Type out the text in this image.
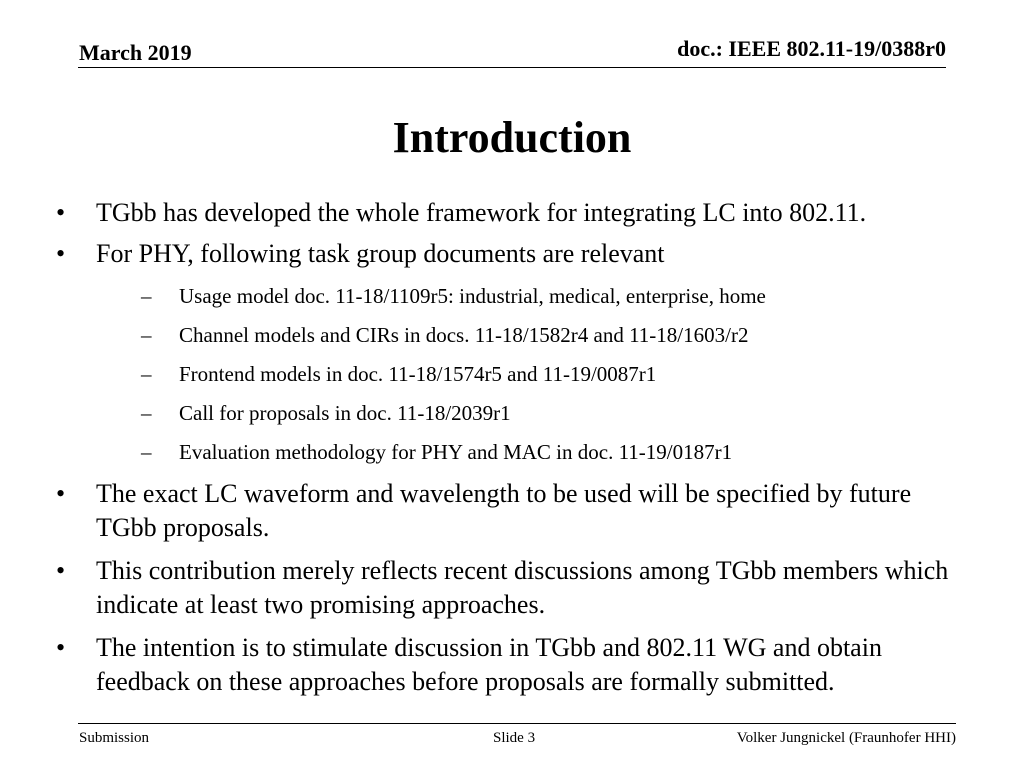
March 2019	doc.: IEEE 802.11-19/0388r0
Introduction
• TGbb has developed the whole framework for integrating LC into 802.11.
• For PHY, following task group documents are relevant
– Usage model doc. 11-18/1109r5: industrial, medical, enterprise, home
– Channel models and CIRs in docs. 11-18/1582r4 and 11-18/1603/r2
– Frontend models in doc. 11-18/1574r5 and 11-19/0087r1
– Call for proposals in doc. 11-18/2039r1
– Evaluation methodology for PHY and MAC in doc. 11-19/0187r1
• The exact LC waveform and wavelength to be used will be specified by future TGbb proposals.
• This contribution merely reflects recent discussions among TGbb members which indicate at least two promising approaches.
• The intention is to stimulate discussion in TGbb and 802.11 WG and obtain feedback on these approaches before proposals are formally submitted.
Submission	Slide 3	Volker Jungnickel (Fraunhofer HHI)
